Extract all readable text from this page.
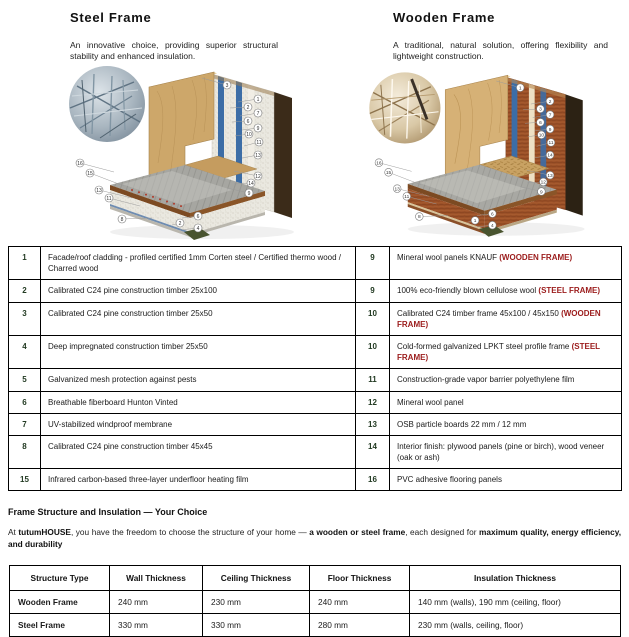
Steel Frame

An innovative choice, providing superior structural stability and enhanced insulation.

Wooden Frame

A traditional, natural solution, offering flexibility and lightweight construction.

3
1
2
7
6
9
10
11
13
12
14
9
16
15
13
11
8	6
2
4
1
2
3
7
6
9
10
11
14
13
12
9
16
15
13
11
8
6
1
4
1	Facade/roof cladding - profiled certified 1mm Corten steel / Certified thermo wood / Charred wood	9	Mineral wool panels KNAUF (WOODEN FRAME)
2	Calibrated C24 pine construction timber 25x100	9	100% eco-friendly blown cellulose wool (STEEL FRAME)
3	Calibrated C24 pine construction timber 25x50	10	Calibrated C24 timber frame 45x100 / 45x150 (WOODEN FRAME)
4	Deep impregnated construction timber 25x50	10	Cold-formed galvanized LPKT steel profile frame (STEEL FRAME)
5	Galvanized mesh protection against pests	11	Construction-grade vapor barrier polyethylene film
6	Breathable fiberboard Hunton Vinted	12	Mineral wool panel
7	UV-stabilized windproof membrane	13	OSB particle boards 22 mm / 12 mm
8	Calibrated C24 pine construction timber 45x45	14	Interior finish: plywood panels (pine or birch), wood veneer (oak or ash)
15	Infrared carbon-based three-layer underfloor heating film	16	PVC adhesive flooring panels
Frame Structure and Insulation — Your Choice
At tutumHOUSE, you have the freedom to choose the structure of your home — a wooden or steel frame, each designed for maximum quality, energy efficiency, and durability
Structure Type	Wall Thickness	Ceiling Thickness	Floor Thickness	Insulation Thickness
Wooden Frame	240 mm	230 mm	240 mm	140 mm (walls), 190 mm (ceiling, floor)
Steel Frame	330 mm	330 mm	280 mm	230 mm (walls, ceiling, floor)
